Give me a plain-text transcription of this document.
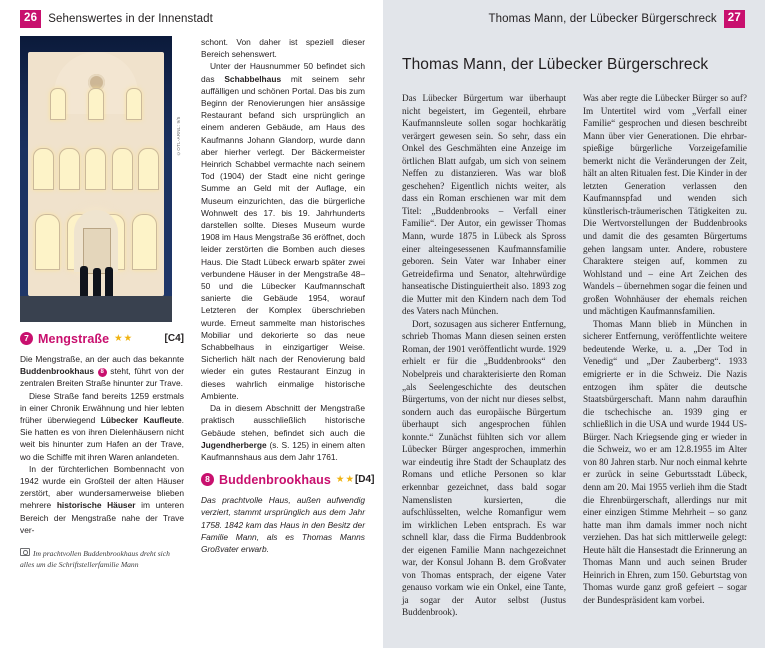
26 Sehenswertes in der Innenstadt
©OTL-ARNL: 9/5
7 Mengstraße ★★	[C4]

Die Mengstraße, an der auch das bekannte Buddenbrookhaus 8 steht, führt von der zentralen Breiten Straße hinunter zur Trave.

Diese Straße fand bereits 1259 erstmals in einer Chronik Erwähnung und hier lebten früher überwiegend Lübecker Kaufleute. Sie hatten es von ihren Dielenhäusern nicht weit bis hinunter zum Hafen an der Trave, wo die Schiffe mit ihren Waren anlandeten.

In der fürchterlichen Bombennacht von 1942 wurde ein Großteil der alten Häuser zerstört, aber wundersamerweise blieben mehrere historische Häuser im unteren Bereich der Mengstraße nahe der Trave ver-

Im prachtvollen Buddenbrookhaus dreht sich alles um die Schriftstellerfamilie Mann

schont. Von daher ist speziell dieser Bereich sehenswert.

Unter der Hausnummer 50 befindet sich das Schabbelhaus mit seinem sehr auffälligen und schönen Portal. Das bis zum Beginn der Renovierungen hier ansässige Restaurant befand sich ursprünglich an einem anderen Gebäude, am Haus des Kaufmanns Johann Glandorp, wurde dann aber hierher verlegt. Der Bäckermeister Heinrich Schabbel vermachte nach seinem Tod (1904) der Stadt eine nicht geringe Summe an Geld mit der Auflage, ein Museum einzurichten, das die bürgerliche Wohnwelt des 17. bis 19. Jahrhunderts darstellen sollte. Dieses Museum wurde 1908 im Haus Mengstraße 36 eröffnet, doch leider zerstörten die Bomben auch dieses Haus. Die Stadt Lübeck erwarb später zwei verbundene Häuser in der Mengstraße 48–50 und die Lübecker Kaufmannschaft sanierte die Gebäude 1954, worauf Letzteren der Komplex überschrieben wurde. Erneut sammelte man historisches Mobiliar und dekorierte so das neue Schabbelhaus in einzigartiger Weise. Sicherlich hält nach der Renovierung bald wieder ein gutes Restaurant Einzug in dieses wahrlich einmalige historische Ambiente.

Da in diesem Abschnitt der Mengstraße praktisch ausschließlich historische Gebäude stehen, befindet sich auch die Jugendherberge (s. S. 125) in einem alten Kaufmannshaus aus dem Jahr 1761.

8 Buddenbrookhaus ★★ [D4]

Das prachtvolle Haus, außen aufwendig verziert, stammt ursprünglich aus dem Jahr 1758. 1842 kam das Haus in den Besitz der Familie Mann, als es Thomas Manns Großvater erwarb.

Thomas Mann, der Lübecker Bürgerschreck 27
Thomas Mann, der Lübecker Bürgerschreck

Das Lübecker Bürgertum war überhaupt nicht begeistert, im Gegenteil, ehrbare Kaufmannsleute sollen sogar hochkarätig verärgert gewesen sein. So sehr, dass ein Onkel des Geschmähten eine Anzeige im örtlichen Blatt aufgab, um sich von seinem Neffen zu distanzieren. Was war bloß geschehen? Eigentlich nichts weiter, als dass ein Roman erschienen war mit dem Titel: „Buddenbrooks – Verfall einer Familie“. Der Autor, ein gewisser Thomas Mann, wurde 1875 in Lübeck als Spross einer alteingesessenen Kaufmannsfamilie geboren. Sein Vater war Inhaber einer Getreidefirma und Senator, altehrwürdige hanseatische Distinguiertheit also. 1893 zog die Mutter mit den Kindern nach dem Tod des Vaters nach München.

Dort, sozusagen aus sicherer Entfernung, schrieb Thomas Mann diesen seinen ersten Roman, der 1901 veröffentlicht wurde. 1929 erhielt er für die „Buddenbrooks“ den Nobelpreis und charakterisierte den Roman „als Seelengeschichte des deutschen Bürgertums, von der nicht nur dieses selbst, sondern auch das europäische Bürgertum überhaupt sich angesprochen fühlen konnte.“ Zunächst fühlten sich vor allem Lübecker Bürger angesprochen, immerhin war eindeutig ihre Stadt der Schauplatz des Romans und etliche Personen so klar erkennbar gezeichnet, dass bald sogar Namenslisten kursierten, die aufschlüsselten, welche Romanfigur wem im wirklichen Leben entsprach. Es war schnell klar, dass die Firma Buddenbrook der eigenen Familie Mann nachgezeichnet war, der Konsul Johann B. dem Großvater von Thomas entsprach, der eigene Vater genauso vorkam wie ein Onkel, eine Tante, ja sogar der Autor selbst (Justus Buddenbrook).

Was aber regte die Lübecker Bürger so auf? Im Untertitel wird vom „Verfall einer Familie“ gesprochen und diesen beschreibt Mann über vier Generationen. Die ehrbar-spießige bürgerliche Vorzeigefamilie bemerkt nicht die Veränderungen der Zeit, hält an alten Ritualen fest. Die Kinder in der letzten Generation verlassen den Kaufmannspfad und wenden sich künstlerisch-träumerischen Tätigkeiten zu. Die Wertvorstellungen der Buddenbrooks und damit die des gesamten Bürgertums gehen langsam unter. Andere, robustere Charaktere steigen auf, kommen zu Wohlstand und – eine Art Zeichen des Wandels – übernehmen sogar die feinen und großen Wohnhäuser der ehemals reichen und mächtigen Kaufmannsfamilien.

Thomas Mann blieb in München in sicherer Entfernung, veröffentlichte weitere bedeutende Werke, u. a. „Der Tod in Venedig“ und „Der Zauberberg“. 1933 emigrierte er in die Schweiz. Die Nazis entzogen ihm später die deutsche Staatsbürgerschaft. Mann nahm daraufhin die tschechische an. 1939 ging er schließlich in die USA und wurde 1944 US-Bürger. Nach Kriegsende ging er wieder in die Schweiz, wo er am 12.8.1955 im Alter von 80 Jahren starb. Nur noch einmal kehrte er zurück in seine Geburtsstadt Lübeck, denn am 20. Mai 1955 verlieh ihm die Stadt die Ehrenbürgerschaft, allerdings nur mit einer einzigen Stimme Mehrheit – so ganz hatte man ihm damals immer noch nicht verziehen. Das hat sich mittlerweile gelegt: Heute hält die Hansestadt die Erinnerung an Thomas Mann und auch seinen Bruder Heinrich in Ehren, zum 150. Geburtstag von Thomas wurde ganz groß gefeiert – sogar der Bundespräsident kam vorbei.
